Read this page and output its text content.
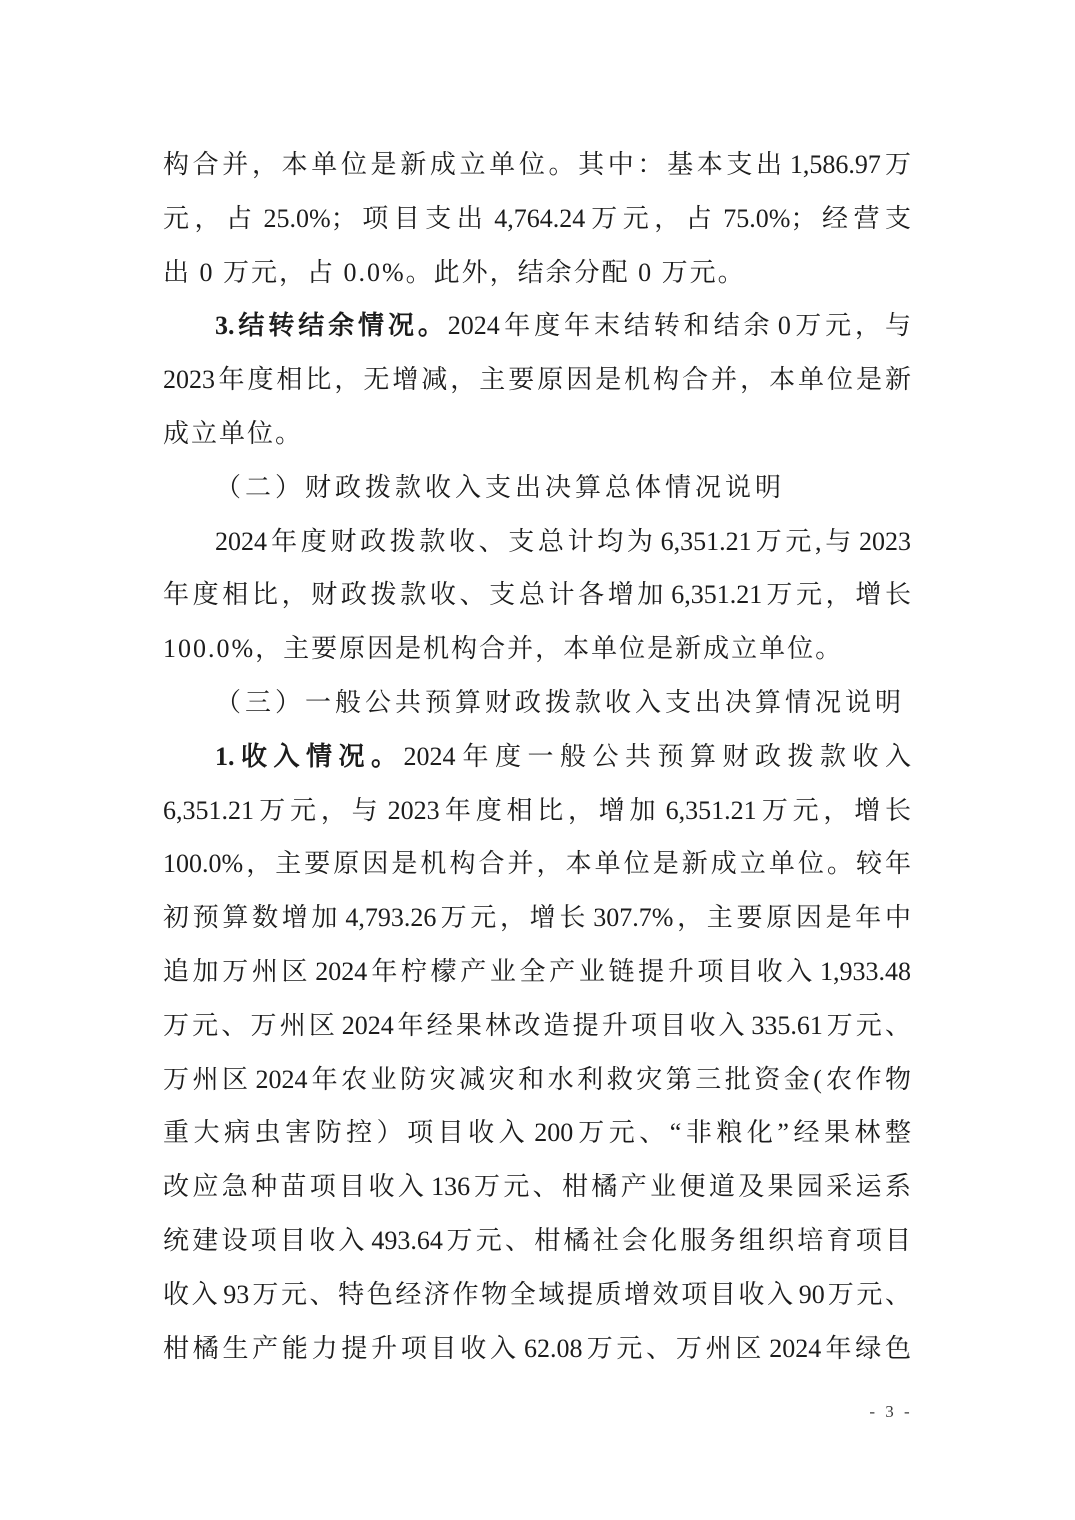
构合并，本单位是新成立单位。其中：基本支出 1,586.97 万
元，占 25.0%；项目支出 4,764.24 万元，占 75.0%；经营支
出 0 万元，占 0.0%。此外，结余分配 0 万元。
3.结转结余情况。2024 年度年末结转和结余 0 万元，与
2023 年度相比，无增减，主要原因是机构合并，本单位是新
成立单位。
（二）财政拨款收入支出决算总体情况说明
2024 年度财政拨款收、支总计均为 6,351.21 万元,与 2023
年度相比，财政拨款收、支总计各增加 6,351.21 万元，增长
100.0%，主要原因是机构合并，本单位是新成立单位。
（三）一般公共预算财政拨款收入支出决算情况说明
1.收入情况。2024 年度一般公共预算财政拨款收入
6,351.21 万元，与 2023 年度相比，增加 6,351.21 万元，增长
100.0%，主要原因是机构合并，本单位是新成立单位。较年
初预算数增加 4,793.26 万元，增长 307.7%，主要原因是年中
追加万州区 2024 年柠檬产业全产业链提升项目收入 1,933.48
万元、万州区 2024 年经果林改造提升项目收入 335.61 万元、
万州区 2024 年农业防灾减灾和水利救灾第三批资金( 农作物
重大病虫害防控）项目收入 200 万元、“非粮化”经果林整
改应急种苗项目收入 136 万元、柑橘产业便道及果园采运系
统建设项目收入 493.64 万元、柑橘社会化服务组织培育项目
收入 93 万元、特色经济作物全域提质增效项目收入 90 万元、
柑橘生产能力提升项目收入 62.08 万元、万州区 2024 年绿色
- 3 -
